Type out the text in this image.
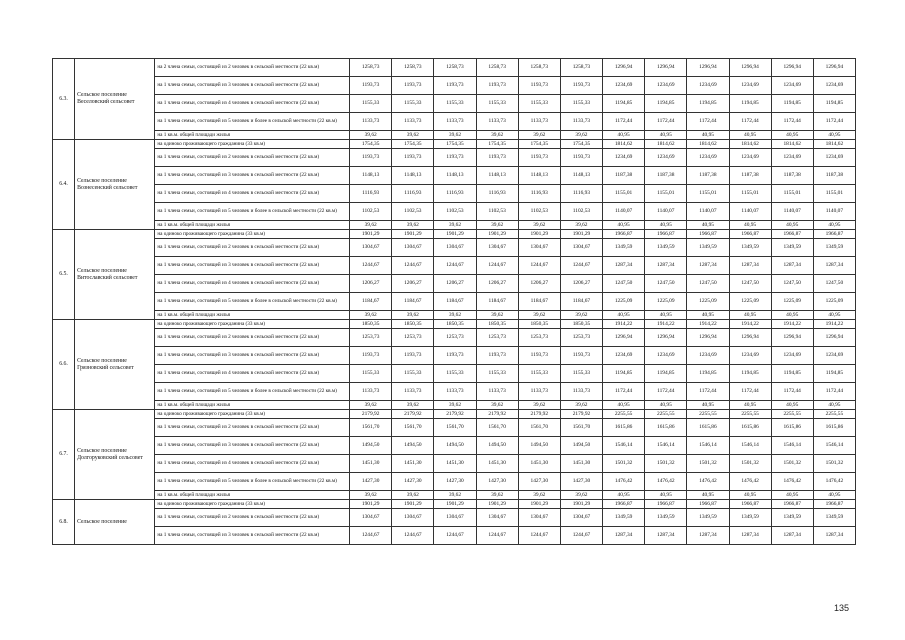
6.3.	Сельское поселение Веселовский сельсовет	на 2 члена семьи, состоящей из 2 человек в сельской местности (22 кв.м)	1258,73	1258,73	1258,73	1258,73	1258,73	1258,73	1296,94	1296,94	1296,94	1296,94	1296,94	1296,94
		на 1 члена семьи, состоящей из 3 человек в сельской местности (22 кв.м)	1193,73	1193,73	1193,73	1193,73	1193,73	1193,73	1234,69	1234,69	1234,69	1234,69	1234,69	1234,69
		на 1 члена семьи, состоящей из 4 человек в сельской местности (22 кв.м)	1155,33	1155,33	1155,33	1155,33	1155,33	1155,33	1194,85	1194,85	1194,85	1194,85	1194,85	1194,85
		на 1 члена семьи, состоящей из 5 человек и более в сельской местности (22 кв.м)	1133,73	1133,73	1133,73	1133,73	1133,73	1133,73	1172,44	1172,44	1172,44	1172,44	1172,44	1172,44
		на 1 кв.м. общей площади жилья	39,62	39,62	39,62	39,62	39,62	39,62	40,95	40,95	40,95	40,95	40,95	40,95
6.4.	Сельское поселение Вознесенский сельсовет	на одиноко проживающего гражданина (33 кв.м)	1754,35	1754,35	1754,35	1754,35	1754,35	1754,35	1814,62	1814,62	1814,62	1814,62	1814,62	1814,62
		на 1 члена семьи, состоящей из 2 человек в сельской местности (22 кв.м)	1193,73	1193,73	1193,73	1193,73	1193,73	1193,73	1234,69	1234,69	1234,69	1234,69	1234,69	1234,69
		на 1 члена семьи, состоящей из 3 человек в сельской местности (22 кв.м)	1148,13	1148,13	1148,13	1148,13	1148,13	1148,13	1187,38	1187,38	1187,38	1187,38	1187,38	1187,38
		на 1 члена семьи, состоящей из 4 человек в сельской местности (22 кв.м)	1116,93	1116,93	1116,93	1116,93	1116,93	1116,93	1155,01	1155,01	1155,01	1155,01	1155,01	1155,01
		на 1 члена семьи, состоящей из 5 человек и более в сельской местности (22 кв.м)	1102,53	1102,53	1102,53	1102,53	1102,53	1102,53	1140,07	1140,07	1140,07	1140,07	1140,07	1140,07
		на 1 кв.м. общей площади жилья	39,62	39,62	39,62	39,62	39,62	39,62	40,95	40,95	40,95	40,95	40,95	40,95
6.5.	Сельское поселение Витославский сельсовет	на одиноко проживающего гражданина (33 кв.м)	1901,29	1901,29	1901,29	1901,29	1901,29	1901,29	1966,87	1966,87	1966,87	1966,87	1966,87	1966,87
		на 1 члена семьи, состоящей из 2 человек в сельской местности (22 кв.м)	1304,67	1304,67	1304,67	1304,67	1304,67	1304,67	1349,59	1349,59	1349,59	1349,59	1349,59	1349,59
		на 1 члена семьи, состоящей из 3 человек в сельской местности (22 кв.м)	1244,67	1244,67	1244,67	1244,67	1244,67	1244,67	1287,34	1287,34	1287,34	1287,34	1287,34	1287,34
		на 1 члена семьи, состоящей из 4 человек в сельской местности (22 кв.м)	1206,27	1206,27	1206,27	1206,27	1206,27	1206,27	1247,50	1247,50	1247,50	1247,50	1247,50	1247,50
		на 1 члена семьи, состоящей из 5 человек и более в сельской местности (22 кв.м)	1184,67	1184,67	1184,67	1184,67	1184,67	1184,67	1225,09	1225,09	1225,09	1225,09	1225,09	1225,09
		на 1 кв.м. общей площади жилья	39,62	39,62	39,62	39,62	39,62	39,62	40,95	40,95	40,95	40,95	40,95	40,95
6.6.	Сельское поселение Грязновский сельсовет	на одиноко проживающего гражданина (33 кв.м)	1850,35	1850,35	1850,35	1850,35	1850,35	1850,35	1914,22	1914,22	1914,22	1914,22	1914,22	1914,22
		на 1 члена семьи, состоящей из 2 человек в сельской местности (22 кв.м)	1253,73	1253,73	1253,73	1253,73	1253,73	1253,73	1296,94	1296,94	1296,94	1296,94	1296,94	1296,94
		на 1 члена семьи, состоящей из 3 человек в сельской местности (22 кв.м)	1193,73	1193,73	1193,73	1193,73	1193,73	1193,73	1234,69	1234,69	1234,69	1234,69	1234,69	1234,69
		на 1 члена семьи, состоящей из 4 человек в сельской местности (22 кв.м)	1155,33	1155,33	1155,33	1155,33	1155,33	1155,33	1194,85	1194,85	1194,85	1194,85	1194,85	1194,85
		на 1 члена семьи, состоящей из 5 человек и более в сельской местности (22 кв.м)	1133,73	1133,73	1133,73	1133,73	1133,73	1133,73	1172,44	1172,44	1172,44	1172,44	1172,44	1172,44
		на 1 кв.м. общей площади жилья	39,62	39,62	39,62	39,62	39,62	39,62	40,95	40,95	40,95	40,95	40,95	40,95
6.7.	Сельское поселение Долгоруковский сельсовет	на одиноко проживающего гражданина (33 кв.м)	2179,92	2179,92	2179,92	2179,92	2179,92	2179,92	2255,55	2255,55	2255,55	2255,55	2255,55	2255,55
		на 1 члена семьи, состоящей из 2 человек в сельской местности (22 кв.м)	1561,70	1561,70	1561,70	1561,70	1561,70	1561,70	1615,86	1615,86	1615,86	1615,86	1615,86	1615,86
		на 1 члена семьи, состоящей из 3 человек в сельской местности (22 кв.м)	1494,50	1494,50	1494,50	1494,50	1494,50	1494,50	1546,14	1546,14	1546,14	1546,14	1546,14	1546,14
		на 1 члена семьи, состоящей из 4 человек в сельской местности (22 кв.м)	1451,30	1451,30	1451,30	1451,30	1451,30	1451,30	1501,32	1501,32	1501,32	1501,32	1501,32	1501,32
		на 1 члена семьи, состоящей из 5 человек и более в сельской местности (22 кв.м)	1427,30	1427,30	1427,30	1427,30	1427,30	1427,30	1476,42	1476,42	1476,42	1476,42	1476,42	1476,42
		на 1 кв.м. общей площади жилья	39,62	39,62	39,62	39,62	39,62	39,62	40,95	40,95	40,95	40,95	40,95	40,95
6.8.	Сельское поселение	на одиноко проживающего гражданина (33 кв.м)	1901,29	1901,29	1901,29	1901,29	1901,29	1901,29	1966,87	1966,87	1966,87	1966,87	1966,87	1966,87
		на 1 члена семьи, состоящей из 2 человек в сельской местности (22 кв.м)	1304,67	1304,67	1304,67	1304,67	1304,67	1304,67	1349,59	1349,59	1349,59	1349,59	1349,59	1349,59
		на 1 члена семьи, состоящей из 3 человек в сельской местности (22 кв.м)	1244,67	1244,67	1244,67	1244,67	1244,67	1244,67	1287,34	1287,34	1287,34	1287,34	1287,34	1287,34
135
